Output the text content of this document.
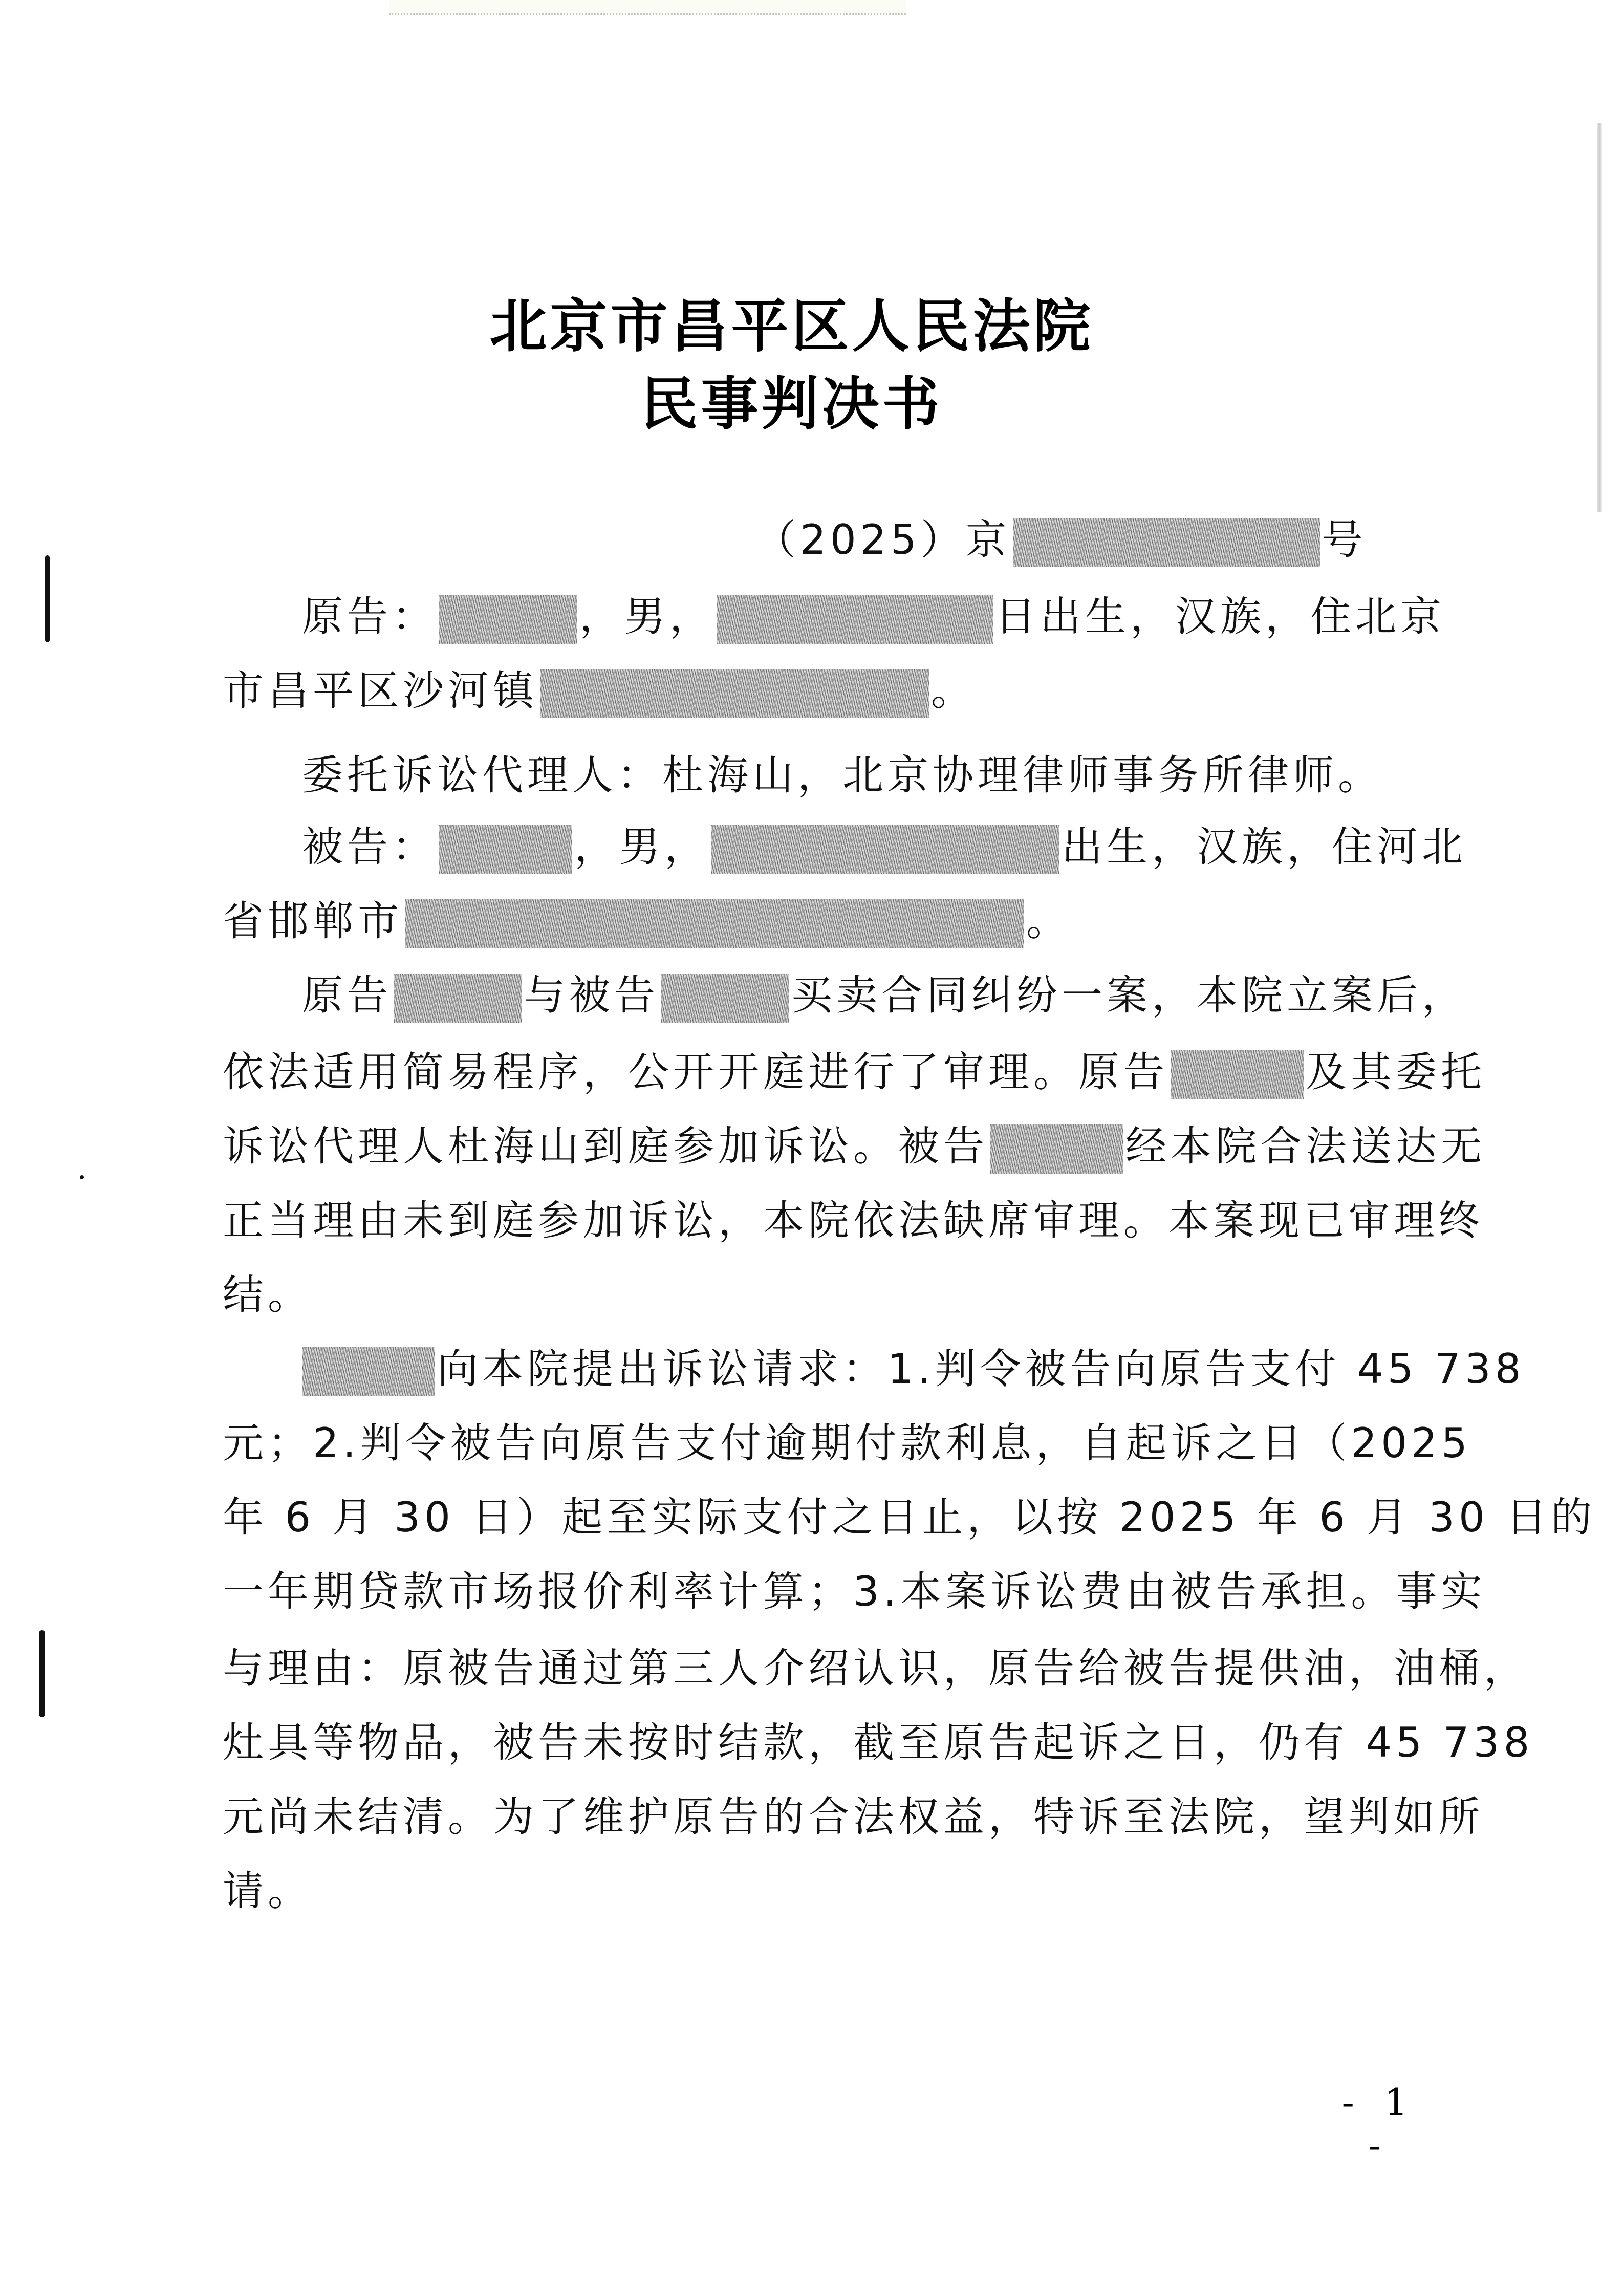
北京市昌平区人民法院
民事判决书
（2025）京	号
原告：	，男，	日出生，汉族，住北京
市昌平区沙河镇	。
委托诉讼代理人：杜海山，北京协理律师事务所律师。
被告：	，男，	出生，汉族，住河北
省邯郸市	。
原告	与被告	买卖合同纠纷一案，本院立案后，
依法适用简易程序，公开开庭进行了审理。原告	及其委托
诉讼代理人杜海山到庭参加诉讼。被告	经本院合法送达无
正当理由未到庭参加诉讼，本院依法缺席审理。本案现已审理终
结。
向本院提出诉讼请求：1.判令被告向原告支付 45 738
元；2.判令被告向原告支付逾期付款利息，自起诉之日（2025
年 6 月 30 日）起至实际支付之日止，以按 2025 年 6 月 30 日的
一年期贷款市场报价利率计算；3.本案诉讼费由被告承担。事实
与理由：原被告通过第三人介绍认识，原告给被告提供油，油桶，
灶具等物品，被告未按时结款，截至原告起诉之日，仍有 45 738
元尚未结清。为了维护原告的合法权益，特诉至法院，望判如所
请。
- 1 -
